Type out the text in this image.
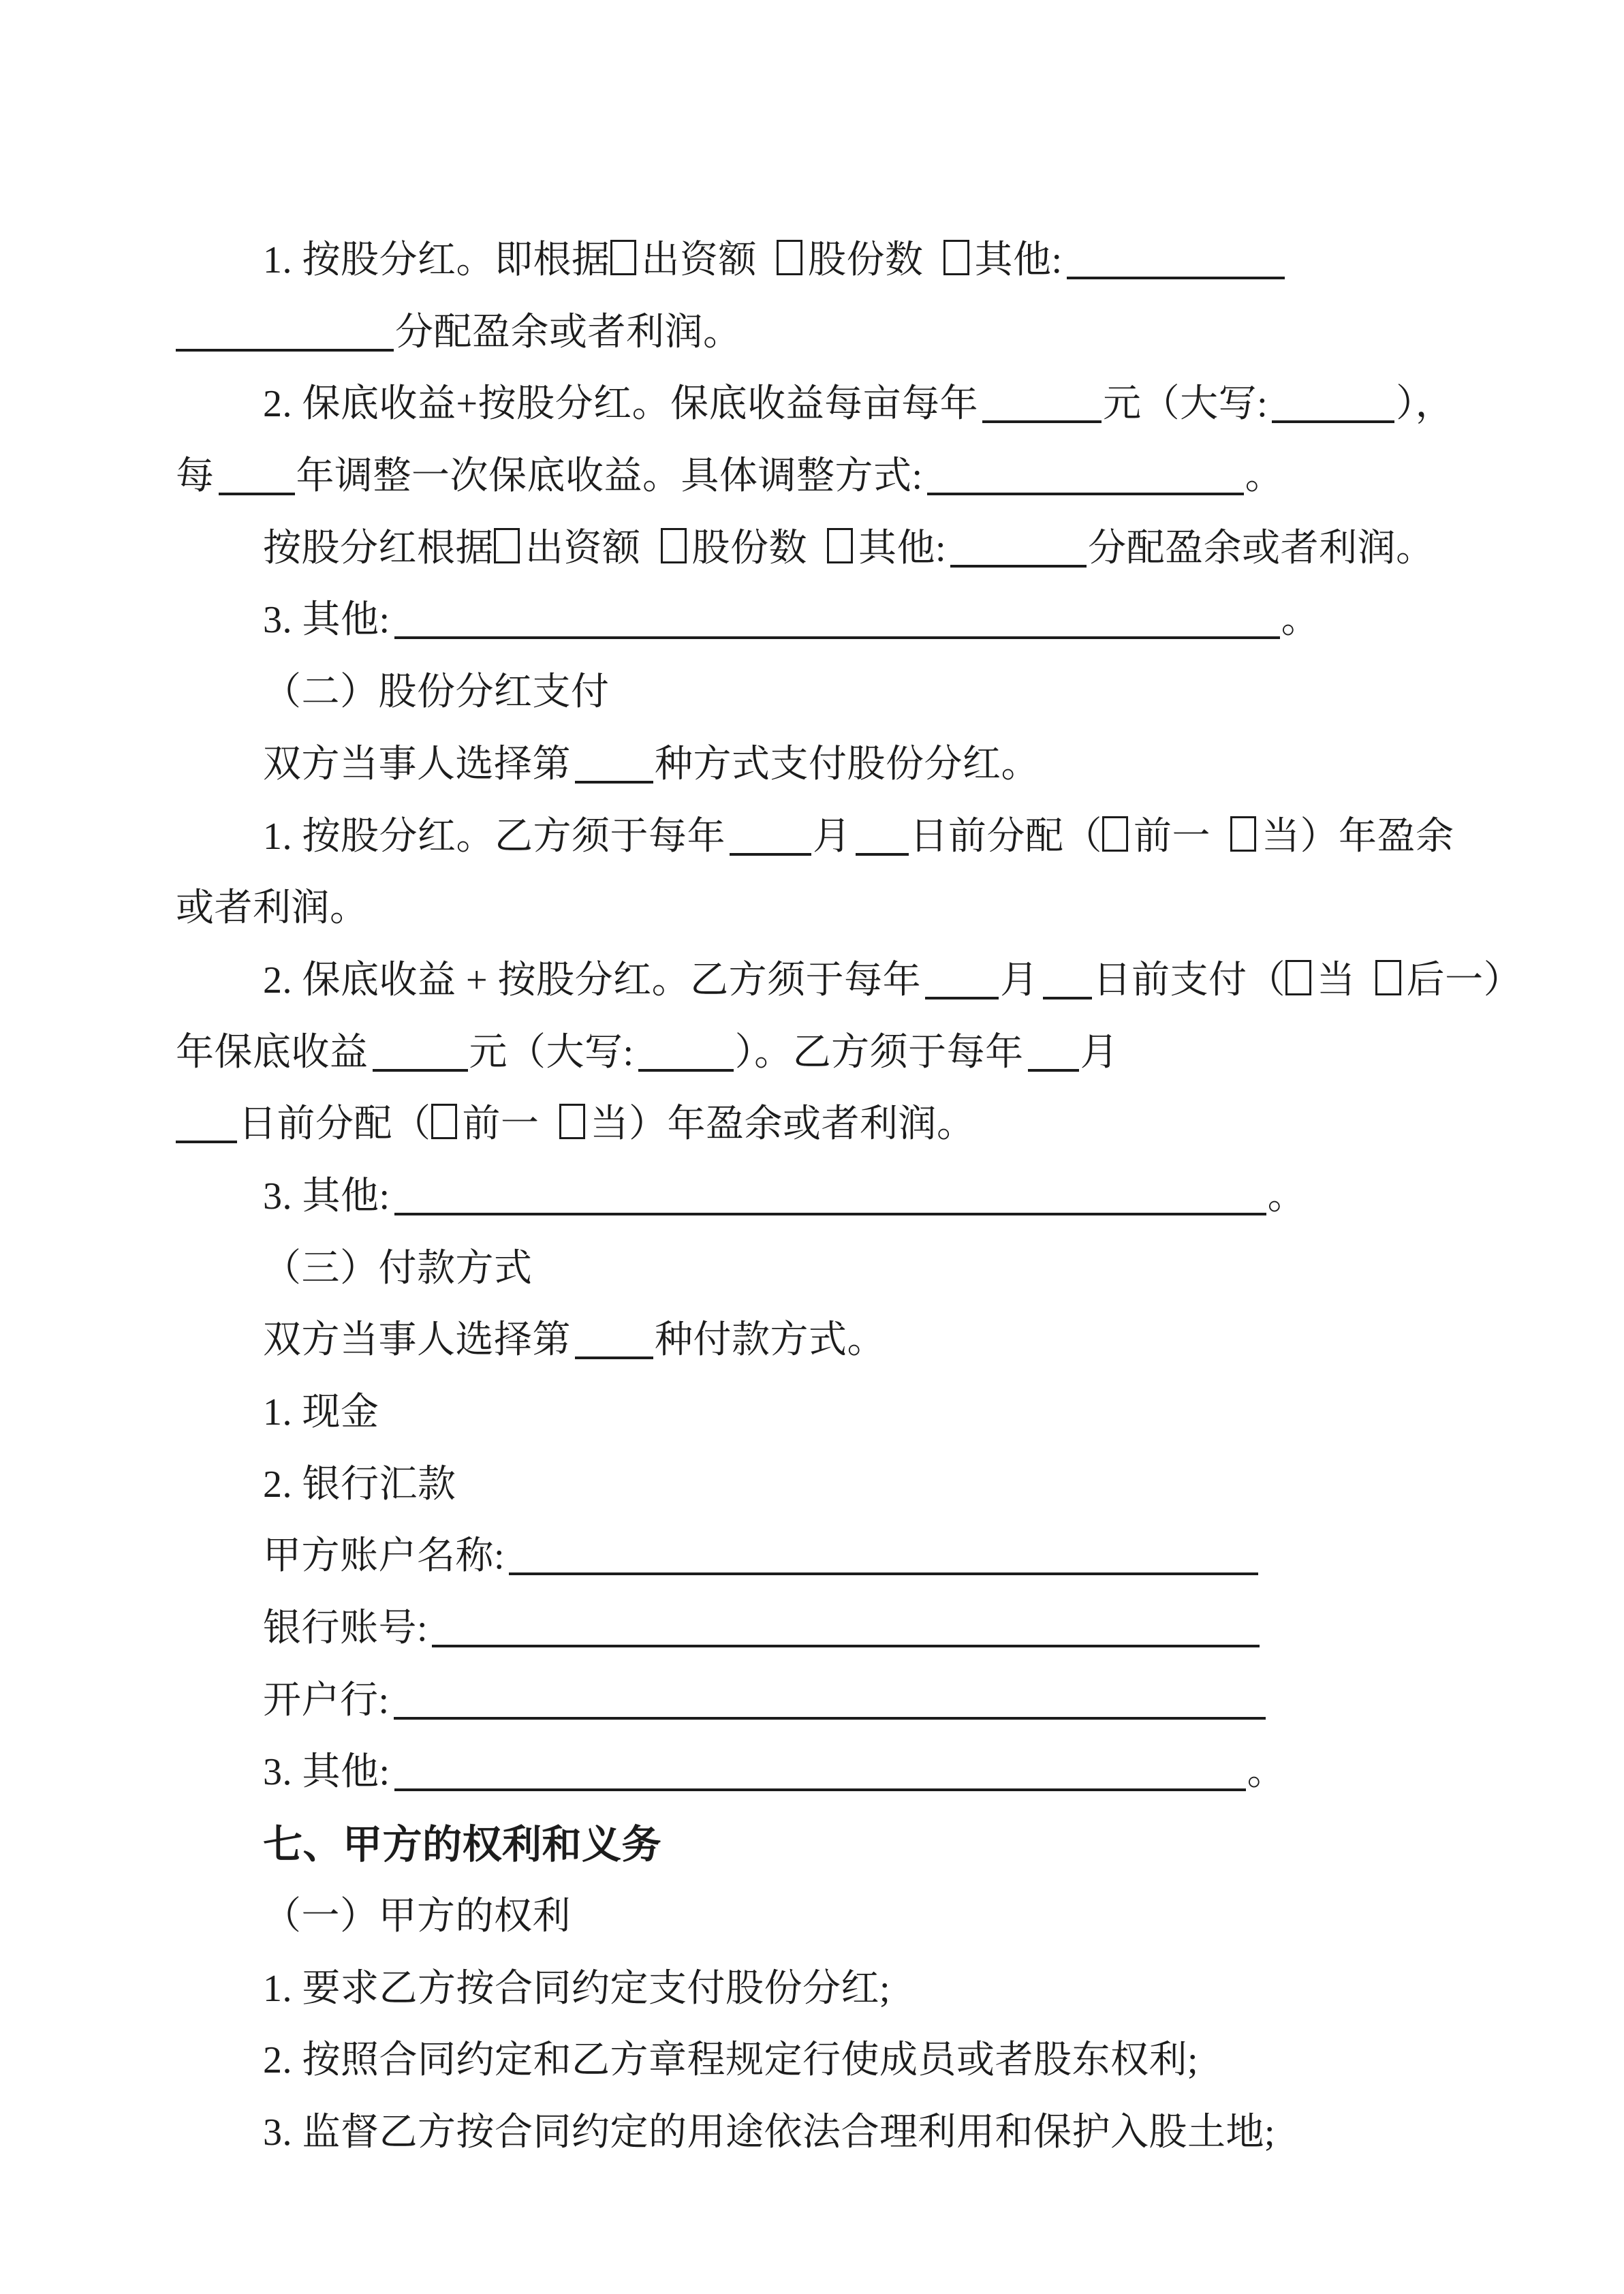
1. 按股分红。即根据 出资额  股份数  其他:
分配盈余或者利润。
2. 保底收益+按股分红。保底收益每亩每年	元（大写:	），
每 年调整一次保底收益。具体调整方式:	。
按股分红根据 出资额  股份数  其他:	分配盈余或者利润。
3. 其他:	。
（二）股份分红支付
双方当事人选择第 种方式支付股份分红。
1. 按股分红。乙方须于每年 月 日前分配（ 前一  当）年盈余
或者利润。
2. 保底收益 + 按股分红。乙方须于每年 月 日前支付（ 当  后一）
年保底收益	元（大写:	）。乙方须于每年 月
日前分配（ 前一  当）年盈余或者利润。
3. 其他:	。
（三）付款方式
双方当事人选择第 种付款方式。
1. 现金
2. 银行汇款
甲方账户名称:
银行账号:
开户行:
3. 其他:	。
七、甲方的权利和义务
（一）甲方的权利
1. 要求乙方按合同约定支付股份分红;
2. 按照合同约定和乙方章程规定行使成员或者股东权利;
3. 监督乙方按合同约定的用途依法合理利用和保护入股土地;
